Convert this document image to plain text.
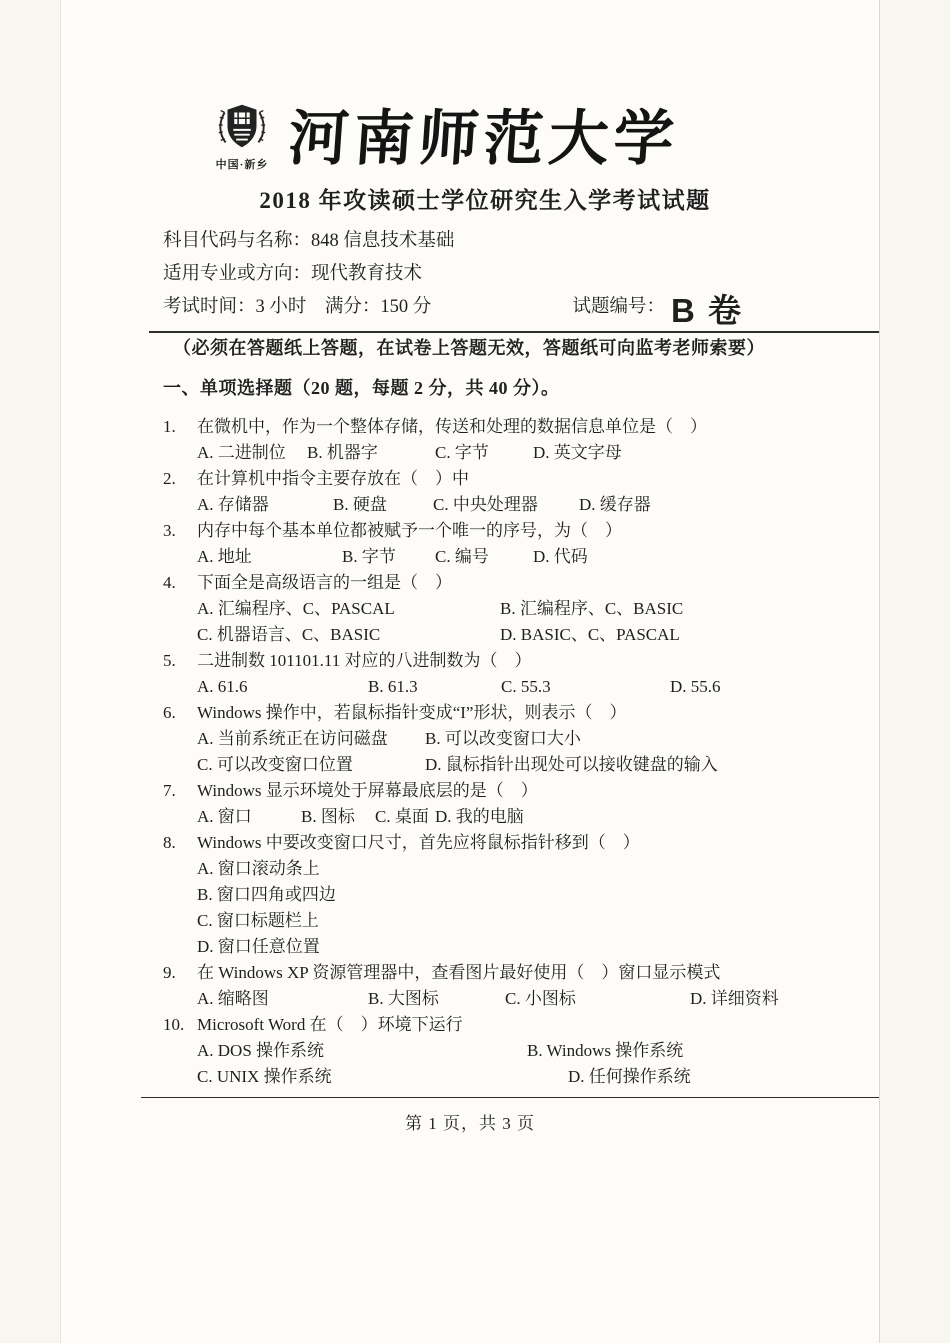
中国·新乡 河南师范大学
2018 年攻读硕士学位研究生入学考试试题
科目代码与名称：848 信息技术基础
适用专业或方向：现代教育技术
考试时间：3 小时　满分：150 分	试题编号： B 卷
（必须在答题纸上答题，在试卷上答题无效，答题纸可向监考老师索要）
一、单项选择题（20 题，每题 2 分，共 40 分）。
1. 在微机中，作为一个整体存储，传送和处理的数据信息单位是（　）
A. 二进制位 B. 机器字	C. 字节	D. 英文字母
2. 在计算机中指令主要存放在（　）中
A. 存储器	B. 硬盘	C. 中央处理器 D. 缓存器
3. 内存中每个基本单位都被赋予一个唯一的序号，为（　）
A. 地址	B. 字节 C. 编号	D. 代码
4. 下面全是高级语言的一组是（　）
A. 汇编程序、C、PASCAL	B. 汇编程序、C、BASIC
C. 机器语言、C、BASIC	D. BASIC、C、PASCAL
5. 二进制数 101101.11 对应的八进制数为（　）
A. 61.6	B. 61.3	C. 55.3	D. 55.6
6. Windows 操作中，若鼠标指针变成“I”形状，则表示（　）
A. 当前系统正在访问磁盘 B. 可以改变窗口大小
C. 可以改变窗口位置	D. 鼠标指针出现处可以接收键盘的输入
7. Windows 显示环境处于屏幕最底层的是（　）
A. 窗口	B. 图标 C. 桌面 D. 我的电脑
8. Windows 中要改变窗口尺寸，首先应将鼠标指针移到（　）
A. 窗口滚动条上
B. 窗口四角或四边
C. 窗口标题栏上
D. 窗口任意位置
9. 在 Windows XP 资源管理器中，查看图片最好使用（　）窗口显示模式
A. 缩略图	B. 大图标	C. 小图标	D. 详细资料
10. Microsoft Word 在（　）环境下运行
A. DOS 操作系统	B. Windows 操作系统
C. UNIX 操作系统	D. 任何操作系统
第 1 页，共 3 页
